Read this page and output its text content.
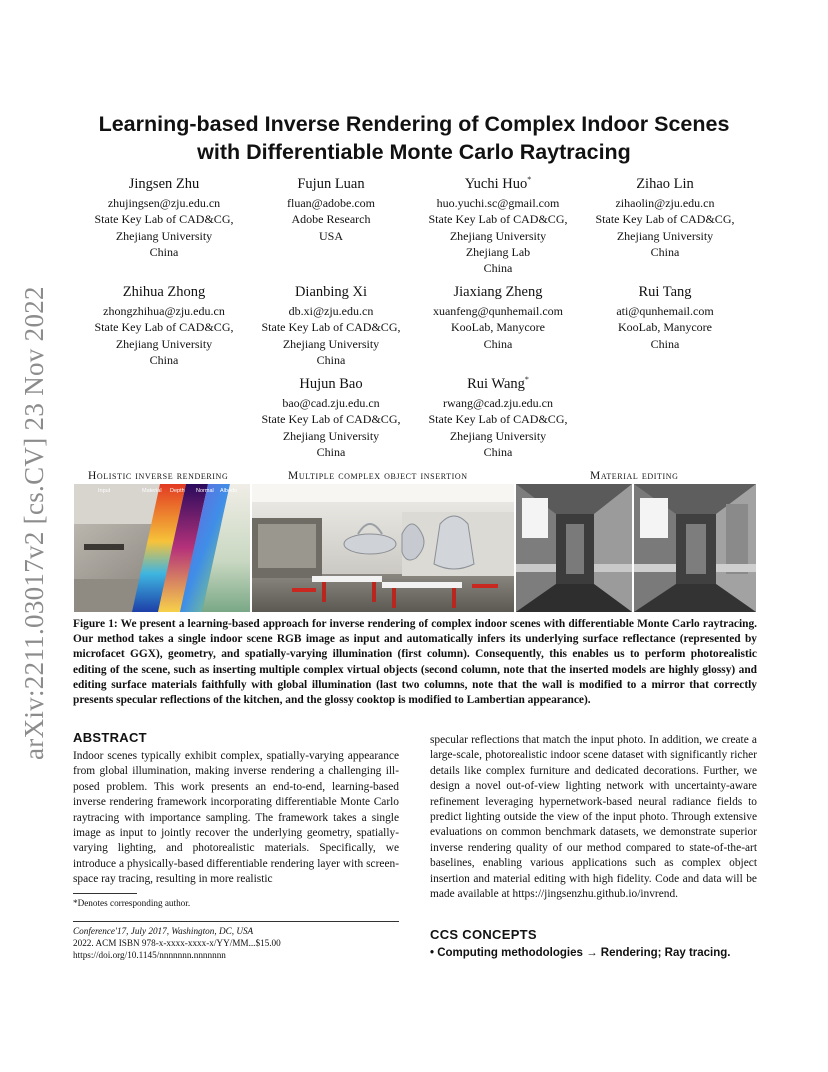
arXiv:2211.03017v2 [cs.CV] 23 Nov 2022
Learning-based Inverse Rendering of Complex Indoor Scenes
with Differentiable Monte Carlo Raytracing
Jingsen Zhu
zhujingsen@zju.edu.cn
State Key Lab of CAD&CG,
Zhejiang University
China
Fujun Luan
fluan@adobe.com
Adobe Research
USA
Yuchi Huo*
huo.yuchi.sc@gmail.com
State Key Lab of CAD&CG,
Zhejiang University
Zhejiang Lab
China
Zihao Lin
zihaolin@zju.edu.cn
State Key Lab of CAD&CG,
Zhejiang University
China
Zhihua Zhong
zhongzhihua@zju.edu.cn
State Key Lab of CAD&CG,
Zhejiang University
China
Dianbing Xi
db.xi@zju.edu.cn
State Key Lab of CAD&CG,
Zhejiang University
China
Jiaxiang Zheng
xuanfeng@qunhemail.com
KooLab, Manycore
China
Rui Tang
ati@qunhemail.com
KooLab, Manycore
China
Hujun Bao
bao@cad.zju.edu.cn
State Key Lab of CAD&CG,
Zhejiang University
China
Rui Wang*
rwang@cad.zju.edu.cn
State Key Lab of CAD&CG,
Zhejiang University
China
Holistic inverse rendering	Multiple complex object insertion	Material editing
Input	Material Depth Normal Albedo
Figure 1: We present a learning-based approach for inverse rendering of complex indoor scenes with differentiable Monte Carlo raytracing. Our method takes a single indoor scene RGB image as input and automatically infers its underlying surface reflectance (represented by microfacet GGX), geometry, and spatially-varying illumination (first column). Consequently, this enables us to perform photorealistic editing of the scene, such as inserting multiple complex virtual objects (second column, note that the inserted models are highly glossy) and editing surface materials faithfully with global illumination (last two columns, note that the wall is modified to a mirror that correctly presents specular reflections of the kitchen, and the glossy cooktop is modified to Lambertian appearance).
ABSTRACT
Indoor scenes typically exhibit complex, spatially-varying appearance from global illumination, making inverse rendering a challenging ill-posed problem. This work presents an end-to-end, learning-based inverse rendering framework incorporating differentiable Monte Carlo raytracing with importance sampling. The framework takes a single image as input to jointly recover the underlying geometry, spatially-varying lighting, and photorealistic materials. Specifically, we introduce a physically-based differentiable rendering layer with screen-space ray tracing, resulting in more realistic
specular reflections that match the input photo. In addition, we create a large-scale, photorealistic indoor scene dataset with significantly richer details like complex furniture and dedicated decorations. Further, we design a novel out-of-view lighting network with uncertainty-aware refinement leveraging hypernetwork-based neural radiance fields to predict lighting outside the view of the input photo. Through extensive evaluations on common benchmark datasets, we demonstrate superior inverse rendering quality of our method compared to state-of-the-art baselines, enabling various applications such as complex object insertion and material editing with high fidelity. Code and data will be made available at https://jingsenzhu.github.io/invrend.
*Denotes corresponding author.
Conference'17, July 2017, Washington, DC, USA
2022. ACM ISBN 978-x-xxxx-xxxx-x/YY/MM...$15.00
https://doi.org/10.1145/nnnnnnn.nnnnnnn
CCS CONCEPTS
• Computing methodologies → Rendering; Ray tracing.
